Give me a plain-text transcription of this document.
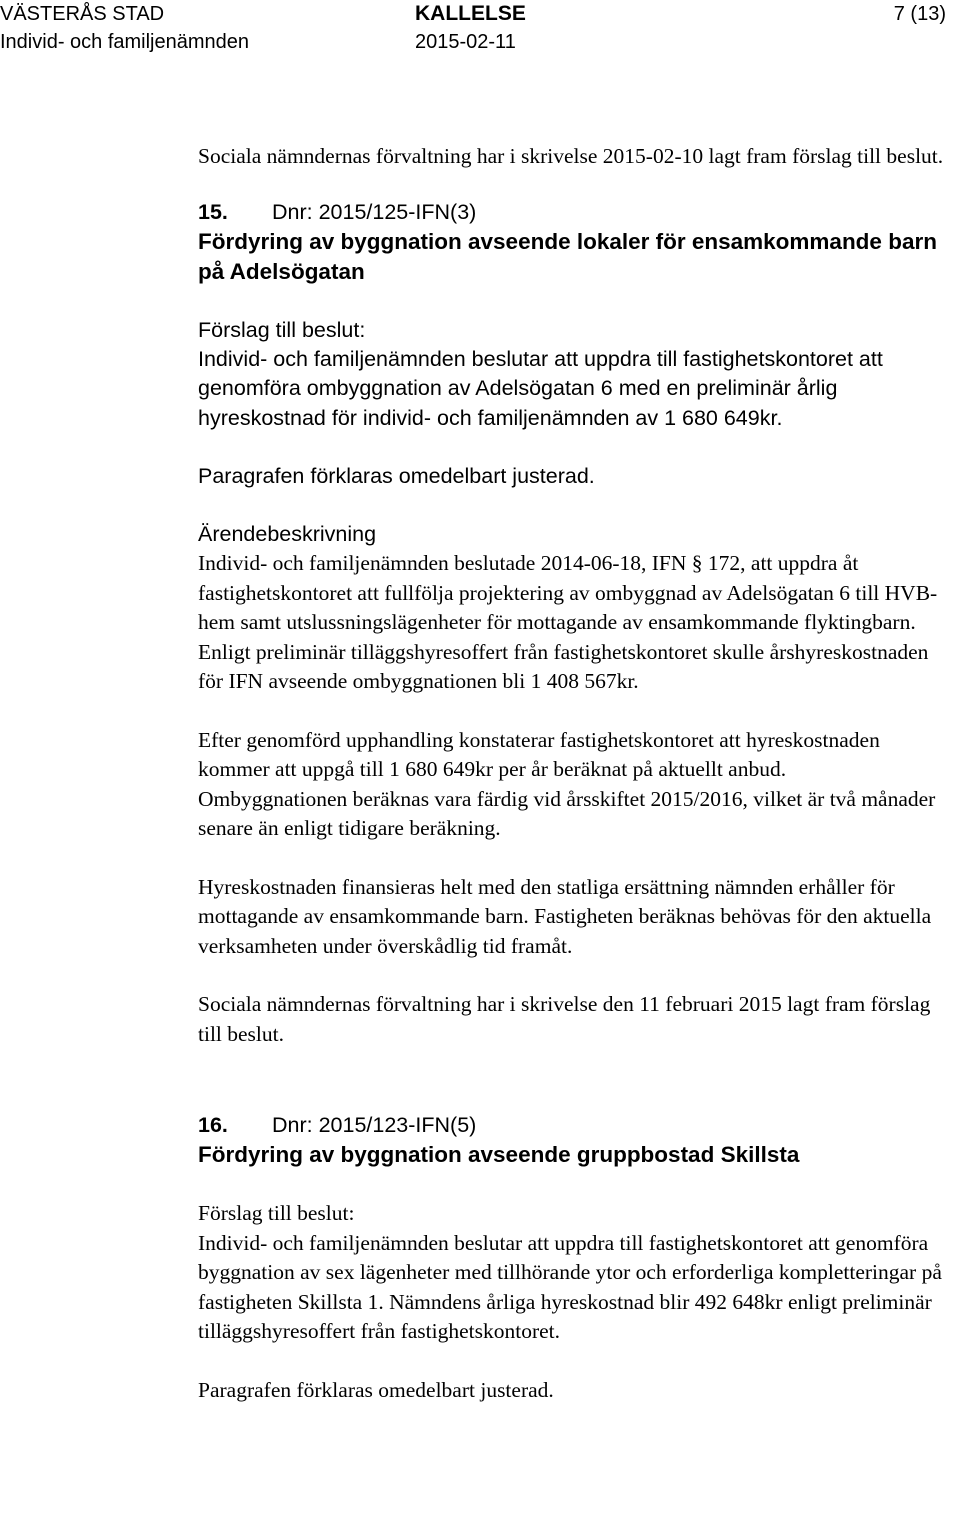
VÄSTERÅS STAD
Individ- och familjenämnden
KALLELSE
2015-02-11
7 (13)

Sociala nämndernas förvaltning har i skrivelse 2015-02-10 lagt fram förslag till beslut.

15. Dnr: 2015/125-IFN(3)

Fördyring av byggnation avseende lokaler för ensamkommande barn på Adelsögatan

Förslag till beslut:

Individ- och familjenämnden beslutar att uppdra till fastighetskontoret att genomföra ombyggnation av Adelsögatan 6 med en preliminär årlig hyreskostnad för individ- och familjenämnden av 1 680 649kr.

Paragrafen förklaras omedelbart justerad.

Ärendebeskrivning

Individ- och familjenämnden beslutade 2014-06-18, IFN § 172, att uppdra åt fastighetskontoret att fullfölja projektering av ombyggnad av Adelsögatan 6 till HVB-hem samt utslussningslägenheter för mottagande av ensamkommande flyktingbarn. Enligt preliminär tilläggshyresoffert från fastighetskontoret skulle årshyreskostnaden för IFN avseende ombyggnationen bli 1 408 567kr.

Efter genomförd upphandling konstaterar fastighetskontoret att hyreskostnaden kommer att uppgå till 1 680 649kr per år beräknat på aktuellt anbud.

Ombyggnationen beräknas vara färdig vid årsskiftet 2015/2016, vilket är två månader senare än enligt tidigare beräkning.

Hyreskostnaden finansieras helt med den statliga ersättning nämnden erhåller för mottagande av ensamkommande barn. Fastigheten beräknas behövas för den aktuella verksamheten under överskådlig tid framåt.

Sociala nämndernas förvaltning har i skrivelse den 11 februari 2015 lagt fram förslag till beslut.

16. Dnr: 2015/123-IFN(5)

Fördyring av byggnation avseende gruppbostad Skillsta

Förslag till beslut:

Individ- och familjenämnden beslutar att uppdra till fastighetskontoret att genomföra byggnation av sex lägenheter med tillhörande ytor och erforderliga kompletteringar på fastigheten Skillsta 1. Nämndens årliga hyreskostnad blir 492 648kr enligt preliminär tilläggshyresoffert från fastighetskontoret.

Paragrafen förklaras omedelbart justerad.
